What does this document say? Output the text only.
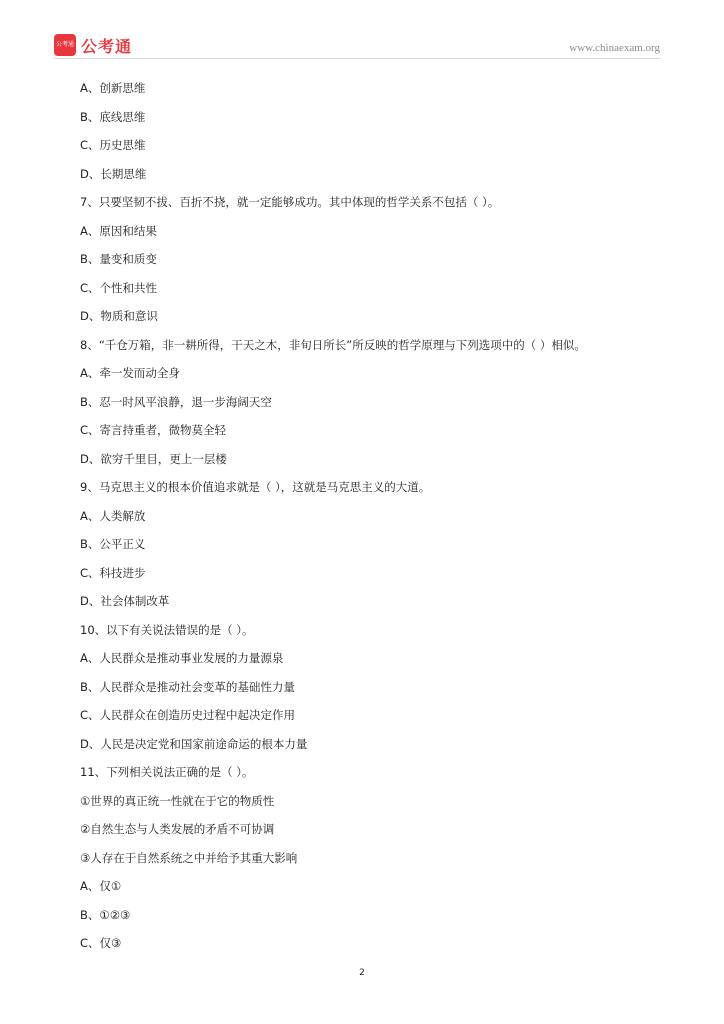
公考通 公考通	www.chinaexam.org
A、创新思维
B、底线思维
C、历史思维
D、长期思维
7、只要坚韧不拔、百折不挠，就一定能够成功。其中体现的哲学关系不包括（ ）。
A、原因和结果
B、量变和质变
C、个性和共性
D、物质和意识
8、“千仓万箱，非一耕所得，干天之木，非旬日所长”所反映的哲学原理与下列选项中的（ ）相似。
A、牵一发而动全身
B、忍一时风平浪静，退一步海阔天空
C、寄言持重者，微物莫全轻
D、欲穷千里目，更上一层楼
9、马克思主义的根本价值追求就是（ ），这就是马克思主义的大道。
A、人类解放
B、公平正义
C、科技进步
D、社会体制改革
10、以下有关说法错误的是（ ）。
A、人民群众是推动事业发展的力量源泉
B、人民群众是推动社会变革的基础性力量
C、人民群众在创造历史过程中起决定作用
D、人民是决定党和国家前途命运的根本力量
11、下列相关说法正确的是（ ）。
①世界的真正统一性就在于它的物质性
②自然生态与人类发展的矛盾不可协调
③人存在于自然系统之中并给予其重大影响
A、仅①
B、①②③
C、仅③
2
